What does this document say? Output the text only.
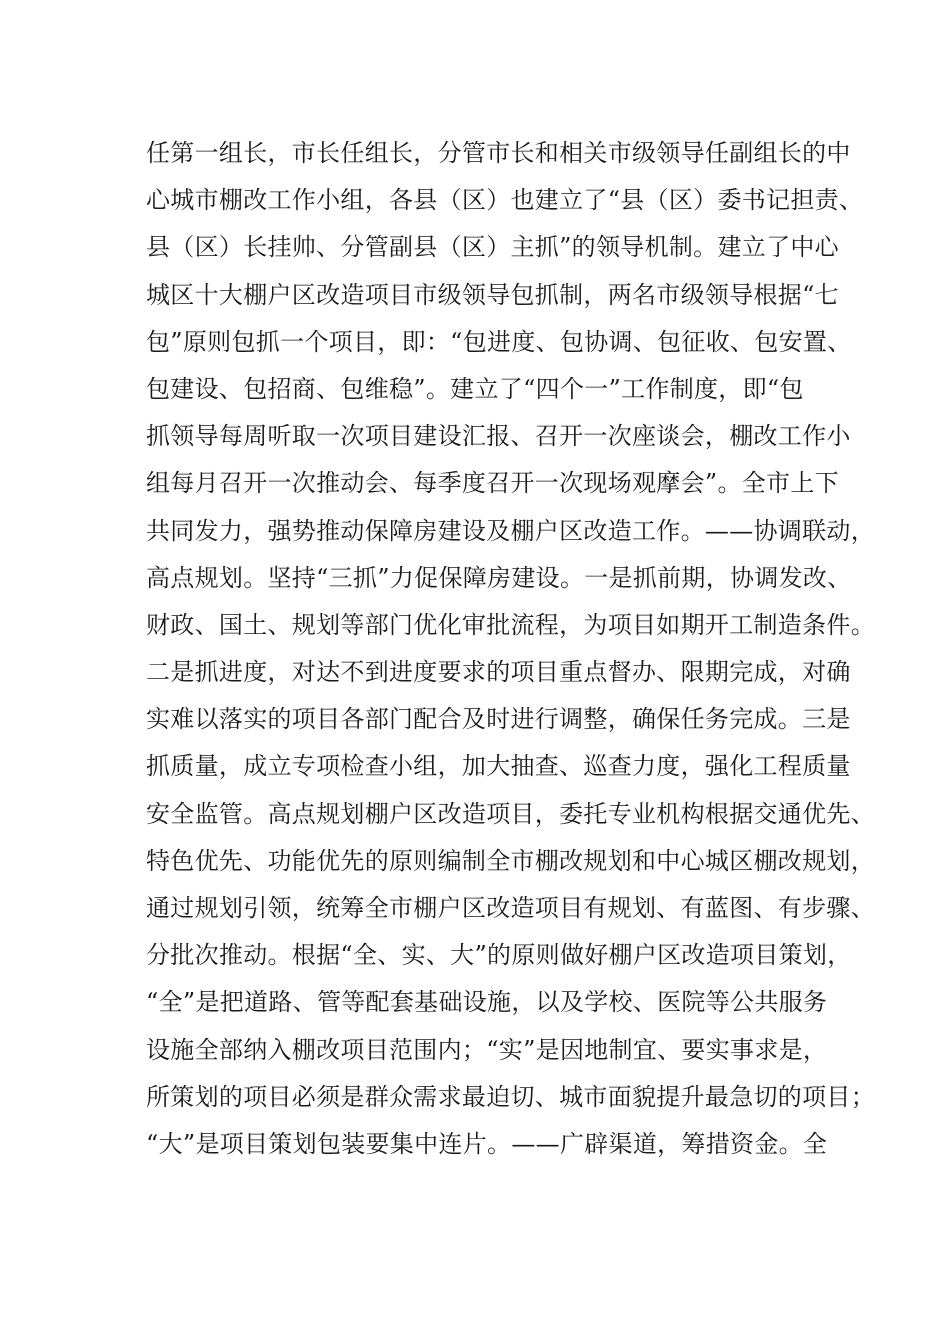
任第一组长，市长任组长，分管市长和相关市级领导任副组长的中
心城市棚改工作小组，各县（区）也建立了“县（区）委书记担责、
县（区）长挂帅、分管副县（区）主抓”的领导机制。建立了中心
城区十大棚户区改造项目市级领导包抓制，两名市级领导根据“七
包”原则包抓一个项目，即：“包进度、包协调、包征收、包安置、
包建设、包招商、包维稳”。建立了“四个一”工作制度，即“包
抓领导每周听取一次项目建设汇报、召开一次座谈会，棚改工作小
组每月召开一次推动会、每季度召开一次现场观摩会”。全市上下
共同发力，强势推动保障房建设及棚户区改造工作。——协调联动，
高点规划。坚持“三抓”力促保障房建设。一是抓前期，协调发改、
财政、国土、规划等部门优化审批流程，为项目如期开工制造条件。
二是抓进度，对达不到进度要求的项目重点督办、限期完成，对确
实难以落实的项目各部门配合及时进行调整，确保任务完成。三是
抓质量，成立专项检查小组，加大抽查、巡查力度，强化工程质量
安全监管。高点规划棚户区改造项目，委托专业机构根据交通优先、
特色优先、功能优先的原则编制全市棚改规划和中心城区棚改规划，
通过规划引领，统筹全市棚户区改造项目有规划、有蓝图、有步骤、
分批次推动。根据“全、实、大”的原则做好棚户区改造项目策划，
“全”是把道路、管等配套基础设施，以及学校、医院等公共服务
设施全部纳入棚改项目范围内；“实”是因地制宜、要实事求是，
所策划的项目必须是群众需求最迫切、城市面貌提升最急切的项目；
“大”是项目策划包装要集中连片。——广辟渠道，筹措资金。全
